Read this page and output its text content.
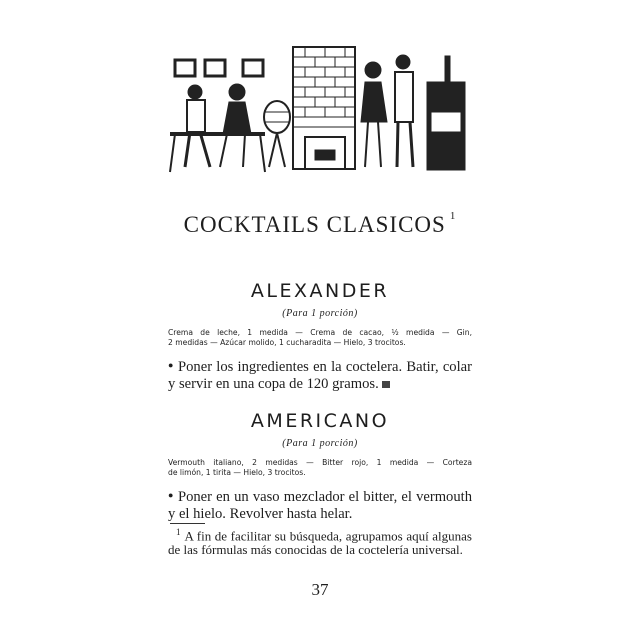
COCKTAILS CLASICOS $^1$
ALEXANDER
(Para 1 porción)
Crema de leche, 1 medida — Crema de cacao, ½ medida — Gin,
2 medidas — Azúcar molido, 1 cucharadita — Hielo, 3 trocitos.
● Poner los ingredientes en la coctelera. Batir, colar y servir en una copa de 120 gramos.
AMERICANO
(Para 1 porción)
Vermouth italiano, 2 medidas — Bitter rojo, 1 medida — Corteza
de limón, 1 tirita — Hielo, 3 trocitos.
● Poner en un vaso mezclador el bitter, el vermouth y el hielo. Revolver hasta helar.
$^1$ A fin de facilitar su búsqueda, agrupamos aquí algunas de las fórmulas más conocidas de la coctelería universal.
37
